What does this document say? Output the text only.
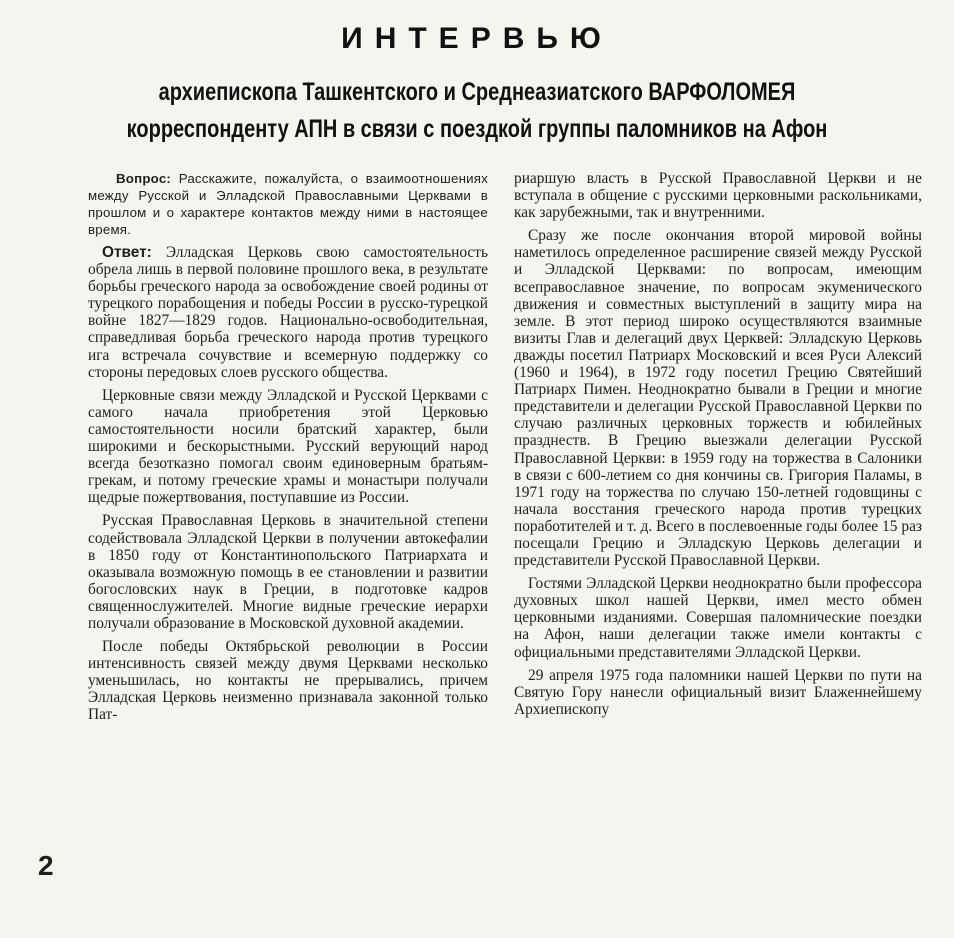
ИНТЕРВЬЮ
архиепископа Ташкентского и Среднеазиатского ВАРФОЛОМЕЯ
корреспонденту АПН в связи с поездкой группы паломников на Афон

Вопрос: Расскажите, пожалуйста, о взаимоотношениях между Русской и Элладской Православными Церквами в прошлом и о характере контактов между ними в настоящее время.

Ответ: Элладская Церковь свою самостоятельность обрела лишь в первой половине прошлого века, в результате борьбы греческого народа за освобождение своей родины от турецкого порабощения и победы России в русско-турецкой войне 1827—1829 годов. Национально-освободительная, справедливая борьба греческого народа против турецкого ига встречала сочувствие и всемерную поддержку со стороны передовых слоев русского общества.

Церковные связи между Элладской и Русской Церквами с самого начала приобретения этой Церковью самостоятельности носили братский характер, были широкими и бескорыстными. Русский верующий народ всегда безотказно помогал своим единоверным братьям-грекам, и потому греческие храмы и монастыри получали щедрые пожертвования, поступавшие из России.

Русская Православная Церковь в значительной степени содействовала Элладской Церкви в получении автокефалии в 1850 году от Константинопольского Патриархата и оказывала возможную помощь в ее становлении и развитии богословских наук в Греции, в подготовке кадров священнослужителей. Многие видные греческие иерархи получали образование в Московской духовной академии.

После победы Октябрьской революции в России интенсивность связей между двумя Церквами несколько уменьшилась, но контакты не прерывались, причем Элладская Церковь неизменно признавала законной только Пат-

риаршую власть в Русской Православной Церкви и не вступала в общение с русскими церковными раскольниками, как зарубежными, так и внутренними.

Сразу же после окончания второй мировой войны наметилось определенное расширение связей между Русской и Элладской Церквами: по вопросам, имеющим всеправославное значение, по вопросам экуменического движения и совместных выступлений в защиту мира на земле. В этот период широко осуществляются взаимные визиты Глав и делегаций двух Церквей: Элладскую Церковь дважды посетил Патриарх Московский и всея Руси Алексий (1960 и 1964), в 1972 году посетил Грецию Святейший Патриарх Пимен. Неоднократно бывали в Греции и многие представители и делегации Русской Православной Церкви по случаю различных церковных торжеств и юбилейных празднеств. В Грецию выезжали делегации Русской Православной Церкви: в 1959 году на торжества в Салоники в связи с 600-летием со дня кончины св. Григория Паламы, в 1971 году на торжества по случаю 150-летней годовщины с начала восстания греческого народа против турецких поработителей и т. д. Всего в послевоенные годы более 15 раз посещали Грецию и Элладскую Церковь делегации и представители Русской Православной Церкви.

Гостями Элладской Церкви неоднократно были профессора духовных школ нашей Церкви, имел место обмен церковными изданиями. Совершая паломнические поездки на Афон, наши делегации также имели контакты с официальными представителями Элладской Церкви.

29 апреля 1975 года паломники нашей Церкви по пути на Святую Гору нанесли официальный визит Блаженнейшему Архиепископу

2
